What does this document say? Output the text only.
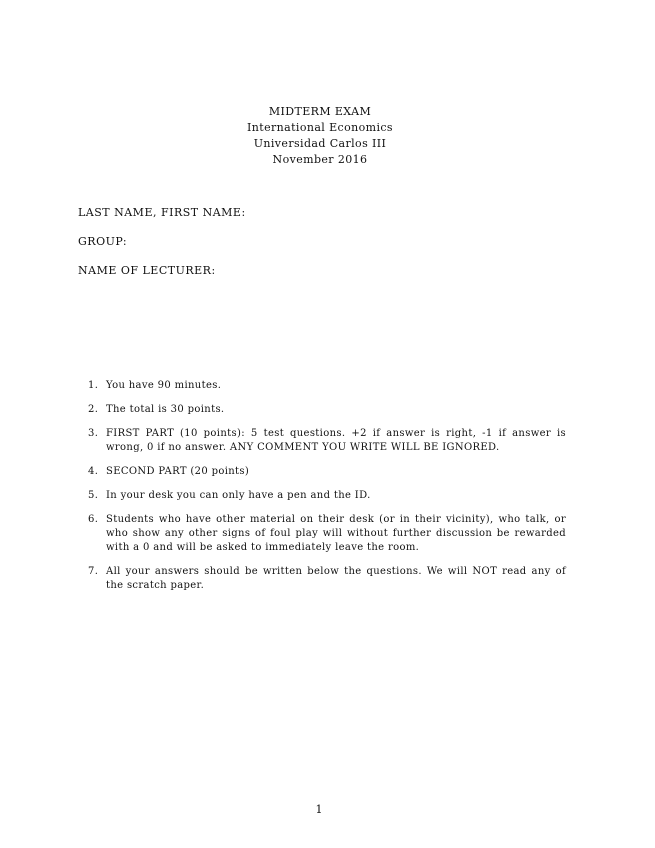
MIDTERM EXAM
International Economics
Universidad Carlos III
November 2016
LAST NAME, FIRST NAME:
GROUP:
NAME OF LECTURER:
1. You have 90 minutes.
2. The total is 30 points.
3. FIRST PART (10 points): 5 test questions. +2 if answer is right, -1 if answer is wrong, 0 if no answer. ANY COMMENT YOU WRITE WILL BE IGNORED.
4. SECOND PART (20 points)
5. In your desk you can only have a pen and the ID.
6. Students who have other material on their desk (or in their vicinity), who talk, or who show any other signs of foul play will without further discussion be rewarded with a 0 and will be asked to immediately leave the room.
7. All your answers should be written below the questions. We will NOT read any of the scratch paper.
1
